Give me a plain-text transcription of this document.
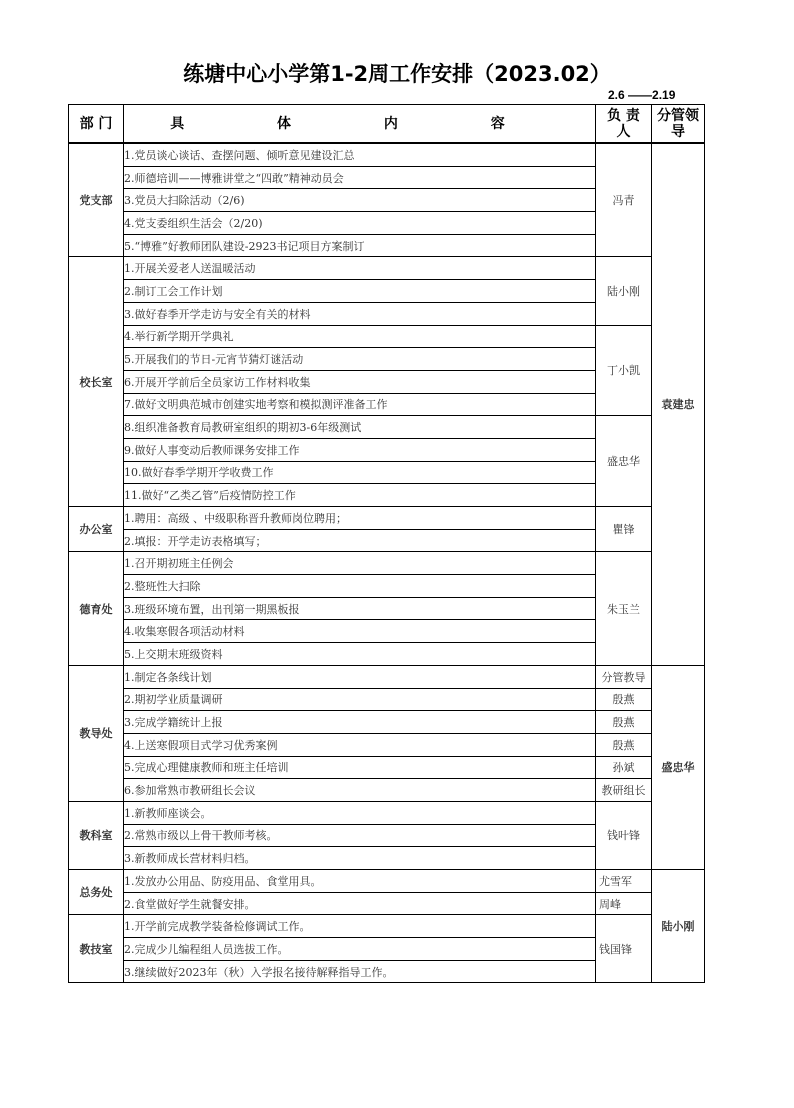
练塘中心小学第1-2周工作安排（2023.02）
2.6 ——2.19
部 门	具 体 内 容	负 责 人	分管领导
党支部	1.党员谈心谈话、查摆问题、倾听意见建设汇总	冯青	袁建忠
	2.师德培训——博雅讲堂之“四敢”精神动员会		
	3.党员大扫除活动（2/6)		
	4.党支委组织生活会（2/20)		
	5.“博雅”好教师团队建设-2923书记项目方案制订		
校长室	1.开展关爱老人送温暖活动	陆小刚	
	2.制订工会工作计划		
	3.做好春季开学走访与安全有关的材料		
	4.举行新学期开学典礼	丁小凯	
	5.开展我们的节日-元宵节猜灯谜活动		
	6.开展开学前后全员家访工作材料收集		
	7.做好文明典范城市创建实地考察和模拟测评准备工作		
	8.组织准备教育局教研室组织的期初3-6年级测试	盛忠华	
	9.做好人事变动后教师课务安排工作		
	10.做好春季学期开学收费工作		
	11.做好“乙类乙管”后疫情防控工作		
办公室	1.聘用：高级 、中级职称晋升教师岗位聘用；	瞿锋	
	2.填报：开学走访表格填写；		
德育处	1.召开期初班主任例会	朱玉兰	
	2.整班性大扫除		
	3.班级环境布置，出刊第一期黑板报		
	4.收集寒假各项活动材料		
	5.上交期末班级资料		
教导处	1.制定各条线计划	分管教导	盛忠华
	2.期初学业质量调研	殷燕	
	3.完成学籍统计上报	殷燕	
	4.上送寒假项目式学习优秀案例	殷燕	
	5.完成心理健康教师和班主任培训	孙斌	
	6.参加常熟市教研组长会议	教研组长	
教科室	1.新教师座谈会。	钱叶锋	
	2.常熟市级以上骨干教师考核。		
	3.新教师成长营材料归档。		
总务处	1.发放办公用品、防疫用品、食堂用具。	尤雪军	陆小刚
	2.食堂做好学生就餐安排。	周峰	
教技室	1.开学前完成教学装备检修调试工作。	钱国锋	
	2.完成少儿编程组人员选拔工作。		
	3.继续做好2023年（秋）入学报名接待解释指导工作。		
